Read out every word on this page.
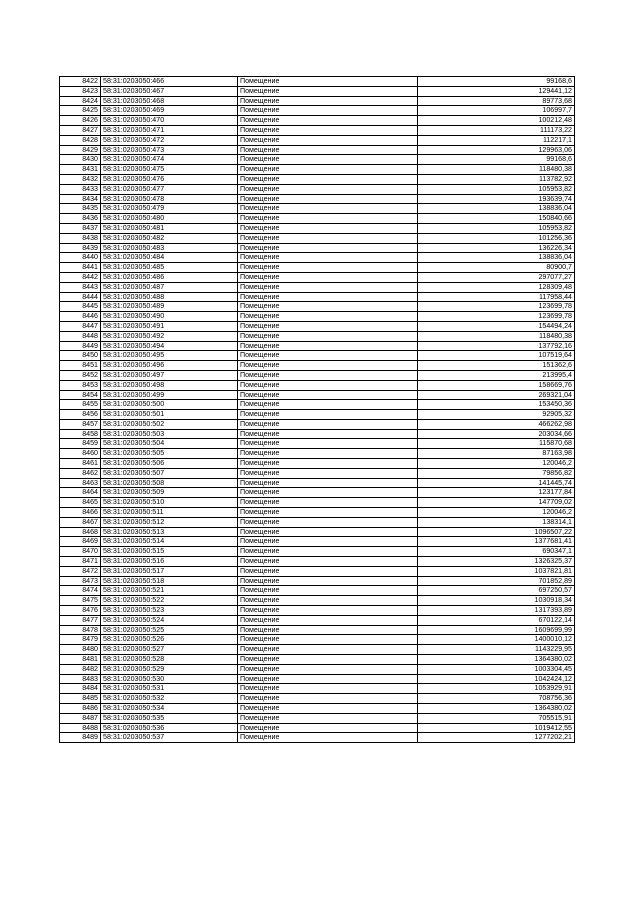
8422	58:31:0203050:466	Помещение	99168,6
8423	58:31:0203050:467	Помещение	129441,12
8424	58:31:0203050:468	Помещение	89773,68
8425	58:31:0203050:469	Помещение	106997,7
8426	58:31:0203050:470	Помещение	100212,48
8427	58:31:0203050:471	Помещение	111173,22
8428	58:31:0203050:472	Помещение	112217,1
8429	58:31:0203050:473	Помещение	129963,06
8430	58:31:0203050:474	Помещение	99168,6
8431	58:31:0203050:475	Помещение	118480,38
8432	58:31:0203050:476	Помещение	113782,92
8433	58:31:0203050:477	Помещение	105953,82
8434	58:31:0203050:478	Помещение	193639,74
8435	58:31:0203050:479	Помещение	138836,04
8436	58:31:0203050:480	Помещение	150840,66
8437	58:31:0203050:481	Помещение	105953,82
8438	58:31:0203050:482	Помещение	101256,36
8439	58:31:0203050:483	Помещение	136226,34
8440	58:31:0203050:484	Помещение	138836,04
8441	58:31:0203050:485	Помещение	80900,7
8442	58:31:0203050:486	Помещение	297077,27
8443	58:31:0203050:487	Помещение	128309,48
8444	58:31:0203050:488	Помещение	117958,44
8445	58:31:0203050:489	Помещение	123699,78
8446	58:31:0203050:490	Помещение	123699,78
8447	58:31:0203050:491	Помещение	154494,24
8448	58:31:0203050:492	Помещение	118480,38
8449	58:31:0203050:494	Помещение	137792,16
8450	58:31:0203050:495	Помещение	107519,64
8451	58:31:0203050:496	Помещение	151362,6
8452	58:31:0203050:497	Помещение	213995,4
8453	58:31:0203050:498	Помещение	158669,76
8454	58:31:0203050:499	Помещение	269321,04
8455	58:31:0203050:500	Помещение	153450,36
8456	58:31:0203050:501	Помещение	92905,32
8457	58:31:0203050:502	Помещение	466262,98
8458	58:31:0203050:503	Помещение	203034,66
8459	58:31:0203050:504	Помещение	115870,68
8460	58:31:0203050:505	Помещение	87163,98
8461	58:31:0203050:506	Помещение	120046,2
8462	58:31:0203050:507	Помещение	79856,82
8463	58:31:0203050:508	Помещение	141445,74
8464	58:31:0203050:509	Помещение	123177,84
8465	58:31:0203050:510	Помещение	147709,02
8466	58:31:0203050:511	Помещение	120046,2
8467	58:31:0203050:512	Помещение	138314,1
8468	58:31:0203050:513	Помещение	1096507,22
8469	58:31:0203050:514	Помещение	1377681,41
8470	58:31:0203050:515	Помещение	690347,1
8471	58:31:0203050:516	Помещение	1326325,37
8472	58:31:0203050:517	Помещение	1037821,81
8473	58:31:0203050:518	Помещение	701852,89
8474	58:31:0203050:521	Помещение	697250,57
8475	58:31:0203050:522	Помещение	1030918,34
8476	58:31:0203050:523	Помещение	1317393,89
8477	58:31:0203050:524	Помещение	670122,14
8478	58:31:0203050:525	Помещение	1609699,99
8479	58:31:0203050:526	Помещение	1400010,12
8480	58:31:0203050:527	Помещение	1143229,95
8481	58:31:0203050:528	Помещение	1364380,02
8482	58:31:0203050:529	Помещение	1003304,45
8483	58:31:0203050:530	Помещение	1042424,12
8484	58:31:0203050:531	Помещение	1053929,91
8485	58:31:0203050:532	Помещение	708756,36
8486	58:31:0203050:534	Помещение	1364380,02
8487	58:31:0203050:535	Помещение	705515,91
8488	58:31:0203050:536	Помещение	1019412,55
8489	58:31:0203050:537	Помещение	1277202,21
